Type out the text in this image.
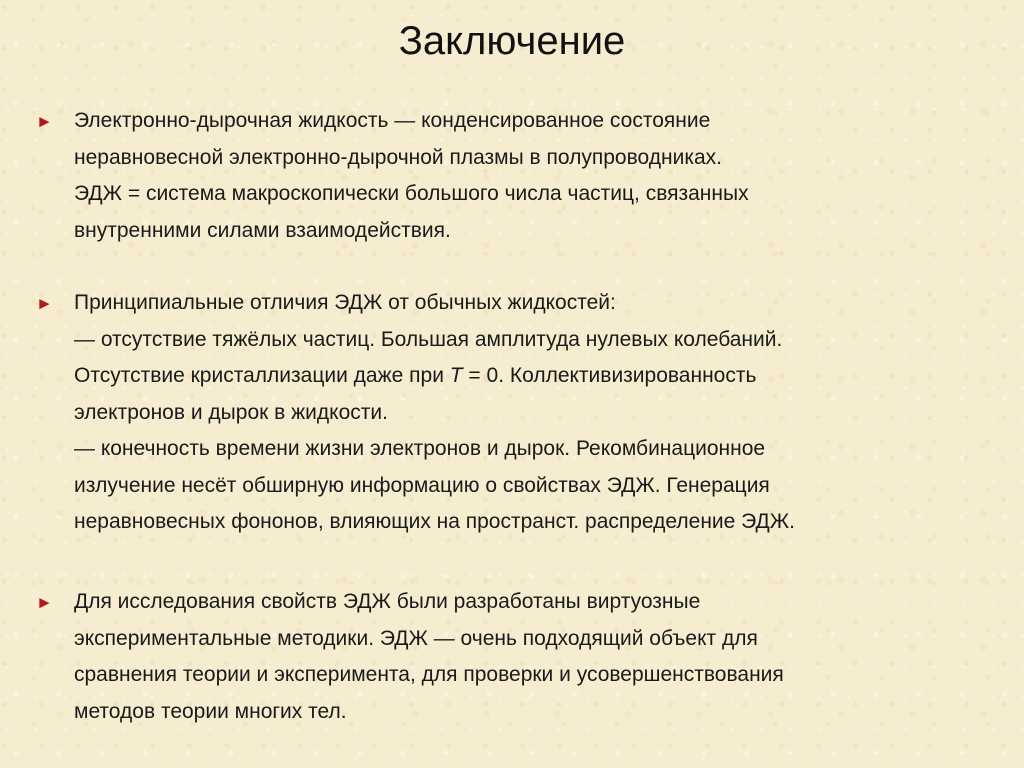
Заключение
► Электронно-дырочная жидкость — конденсированное состояние
неравновесной электронно-дырочной плазмы в полупроводниках.
ЭДЖ = система макроскопически большого числа частиц, связанных
внутренними силами взаимодействия.
► Принципиальные отличия ЭДЖ от обычных жидкостей:
— отсутствие тяжёлых частиц. Большая амплитуда нулевых колебаний.
Отсутствие кристаллизации даже при T = 0. Коллективизированность
электронов и дырок в жидкости.
— конечность времени жизни электронов и дырок. Рекомбинационное
излучение несёт обширную информацию о свойствах ЭДЖ. Генерация
неравновесных фононов, влияющих на пространст. распределение ЭДЖ.
► Для исследования свойств ЭДЖ были разработаны виртуозные
экспериментальные методики. ЭДЖ — очень подходящий объект для
сравнения теории и эксперимента, для проверки и усовершенствования
методов теории многих тел.
